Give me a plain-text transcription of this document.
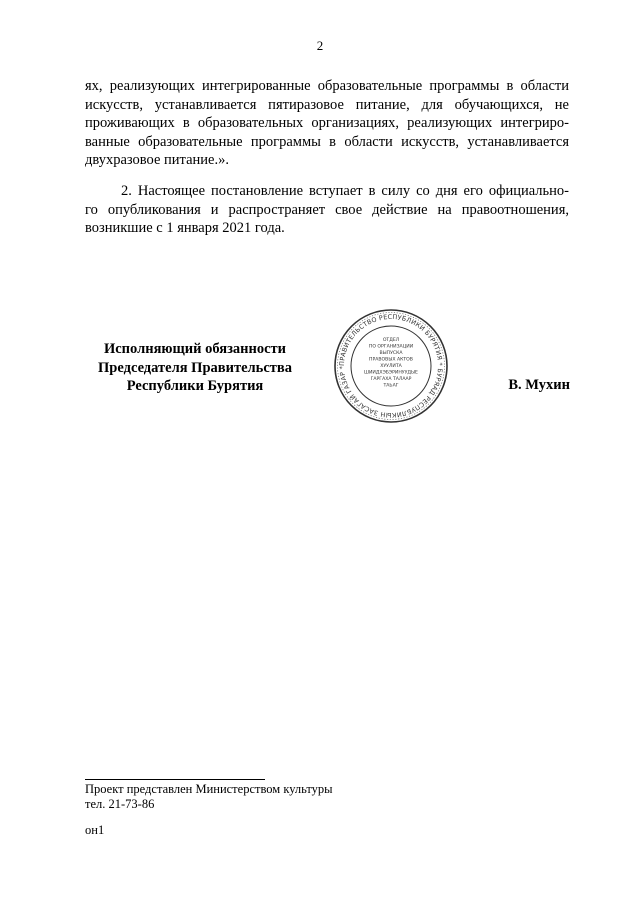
2
ях, реализующих интегрированные образовательные программы в области
искусств, устанавливается пятиразовое питание, для обучающихся, не
проживающих в образовательных организациях, реализующих интегриро-
ванные образовательные программы в области искусств, устанавливается
двухразовое питание.».
2. Настоящее постановление вступает в силу со дня его официально-
го опубликования и распространяет свое действие на правоотношения,
возникшие с 1 января 2021 года.
Исполняющий обязанности
Председателя Правительства
Республики Бурятия
ПРАВИТЕЛЬСТВО РЕСПУБЛИКИ БУРЯТИЯ * БУРЯАД РЕСПУБЛИКЫН ЗАСАГАЙ ГАЗАР *
ОТДЕЛ
ПО ОРГАНИЗАЦИИ
ВЫПУСКА
ПРАВОВЫХ АКТОВ
ХУУЛИТА
ШИИДХЭБЭРИНУУДЫЕ
ГАРГАХА ТАЛААР
ТАЬАГ	В. Мухин
Проект представлен Министерством культуры
тел. 21-73-86
он1
